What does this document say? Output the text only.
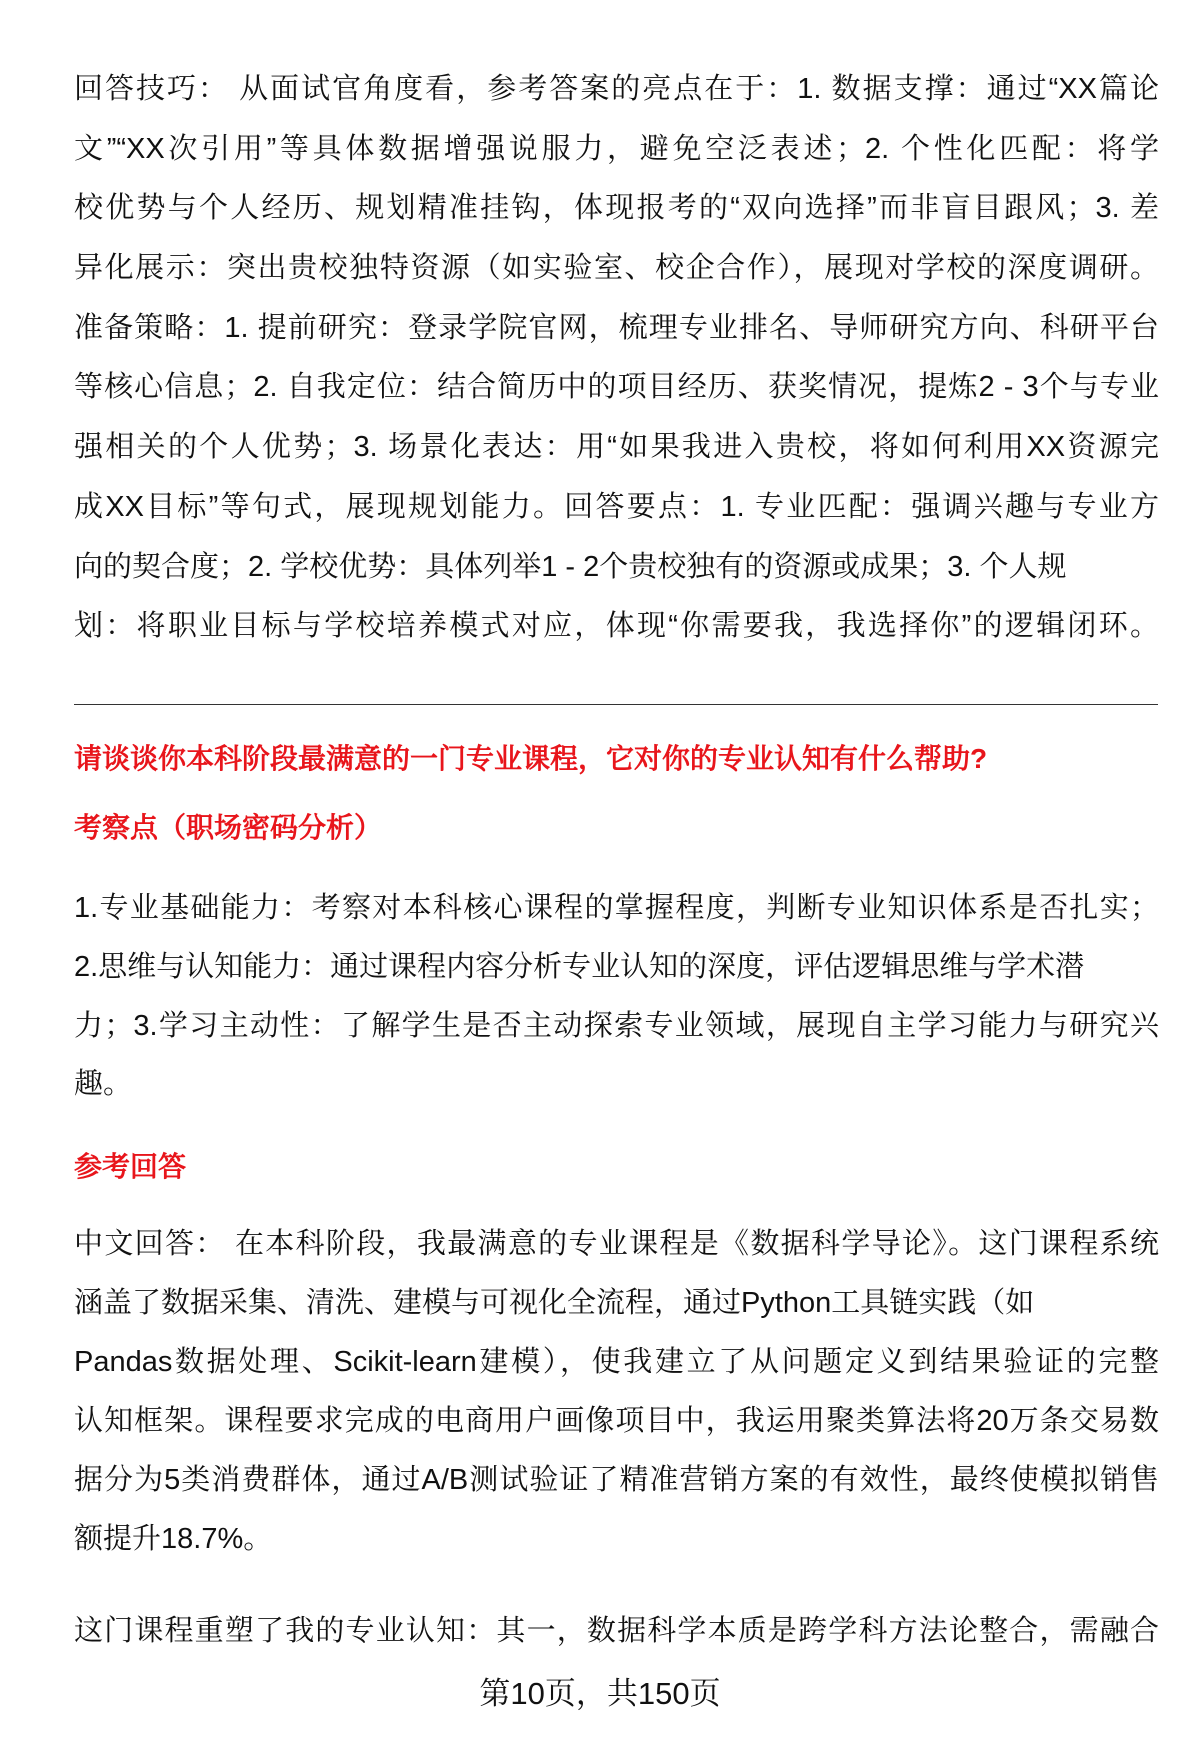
回答技巧： 从面试官角度看，参考答案的亮点在于：1. 数据支撑：通过“XX篇论
文”“XX次引用”等具体数据增强说服力，避免空泛表述；2. 个性化匹配：将学
校优势与个人经历、规划精准挂钩，体现报考的“双向选择”而非盲目跟风；3. 差
异化展示：突出贵校独特资源（如实验室、校企合作），展现对学校的深度调研。
准备策略：1. 提前研究：登录学院官网，梳理专业排名、导师研究方向、科研平台
等核心信息；2. 自我定位：结合简历中的项目经历、获奖情况，提炼2 - 3个与专业
强相关的个人优势；3. 场景化表达：用“如果我进入贵校，将如何利用XX资源完
成XX目标”等句式，展现规划能力。回答要点：1. 专业匹配：强调兴趣与专业方
向的契合度；2. 学校优势：具体列举1 - 2个贵校独有的资源或成果；3. 个人规
划：将职业目标与学校培养模式对应，体现“你需要我，我选择你”的逻辑闭环。
请谈谈你本科阶段最满意的一门专业课程，它对你的专业认知有什么帮助?
考察点（职场密码分析）
1.专业基础能力：考察对本科核心课程的掌握程度，判断专业知识体系是否扎实；
2.思维与认知能力：通过课程内容分析专业认知的深度，评估逻辑思维与学术潜
力；3.学习主动性：了解学生是否主动探索专业领域，展现自主学习能力与研究兴
趣。
参考回答
中文回答： 在本科阶段，我最满意的专业课程是《数据科学导论》。这门课程系统
涵盖了数据采集、清洗、建模与可视化全流程，通过Python工具链实践（如
Pandas数据处理、Scikit-learn建模），使我建立了从问题定义到结果验证的完整
认知框架。课程要求完成的电商用户画像项目中，我运用聚类算法将20万条交易数
据分为5类消费群体，通过A/B测试验证了精准营销方案的有效性，最终使模拟销售
额提升18.7%。
这门课程重塑了我的专业认知：其一，数据科学本质是跨学科方法论整合，需融合
第10页，共150页
